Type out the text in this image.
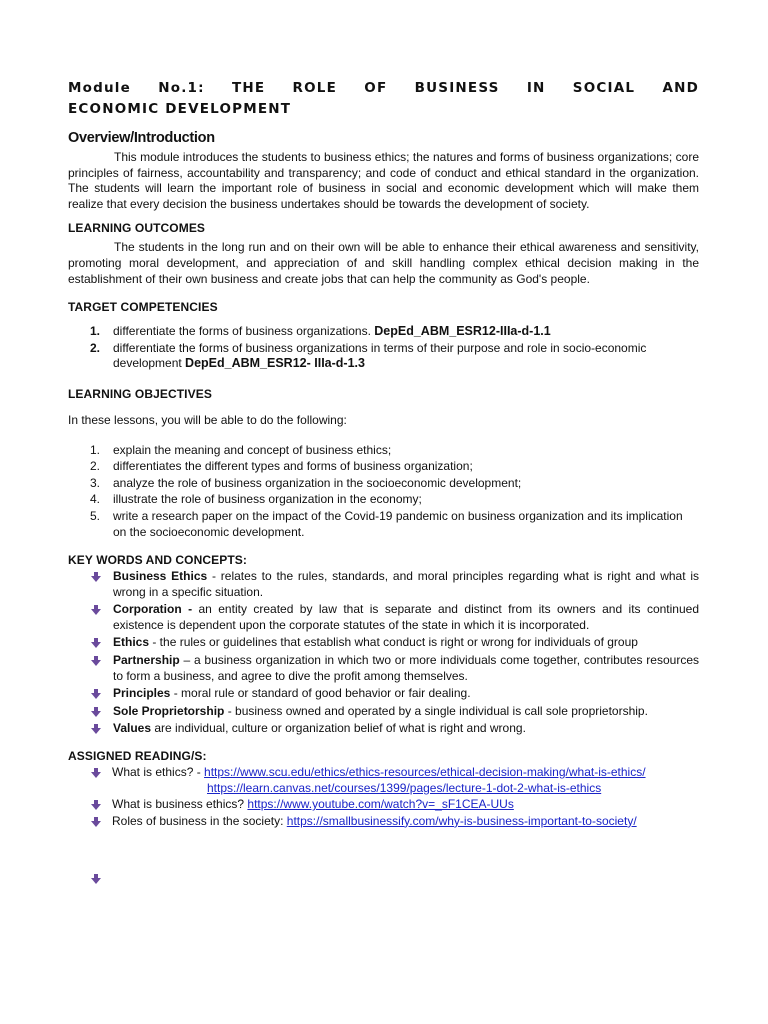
Module No.1: THE ROLE OF BUSINESS IN SOCIAL AND
ECONOMIC DEVELOPMENT
Overview/Introduction

This module introduces the students to business ethics; the natures and forms of business organizations; core principles of fairness, accountability and transparency; and code of conduct and ethical standard in the organization. The students will learn the important role of business in social and economic development which will make them realize that every decision the business undertakes should be towards the development of society.

LEARNING OUTCOMES

The students in the long run and on their own will be able to enhance their ethical awareness and sensitivity, promoting moral development, and appreciation of and skill handling complex ethical decision making in the establishment of their own business and create jobs that can help the community as God's people.

TARGET COMPETENCIES
1. differentiate the forms of business organizations. DepEd_ABM_ESR12-IIIa-d-1.1
2. differentiate the forms of business organizations in terms of their purpose and role in socio-economic development DepEd_ABM_ESR12- IIIa-d-1.3
LEARNING OBJECTIVES

In these lessons, you will be able to do the following:

1. explain the meaning and concept of business ethics;
2. differentiates the different types and forms of business organization;
3. analyze the role of business organization in the socioeconomic development;
4. illustrate the role of business organization in the economy;
5. write a research paper on the impact of the Covid-19 pandemic on business organization and its implication on the socioeconomic development.
KEY WORDS AND CONCEPTS:
Business Ethics - relates to the rules, standards, and moral principles regarding what is right and what is wrong in a specific situation.
Corporation - an entity created by law that is separate and distinct from its owners and its continued existence is dependent upon the corporate statutes of the state in which it is incorporated.
Ethics - the rules or guidelines that establish what conduct is right or wrong for individuals of group
Partnership – a business organization in which two or more individuals come together, contributes resources to form a business, and agree to dive the profit among themselves.
Principles - moral rule or standard of good behavior or fair dealing.
Sole Proprietorship - business owned and operated by a single individual is call sole proprietorship.
Values are individual, culture or organization belief of what is right and wrong.
ASSIGNED READING/S:
What is ethics? - https://www.scu.edu/ethics/ethics-resources/ethical-decision-making/what-is-ethics/
https://learn.canvas.net/courses/1399/pages/lecture-1-dot-2-what-is-ethics
What is business ethics? https://www.youtube.com/watch?v=_sF1CEA-UUs
Roles of business in the society: https://smallbusinessify.com/why-is-business-important-to-society/
